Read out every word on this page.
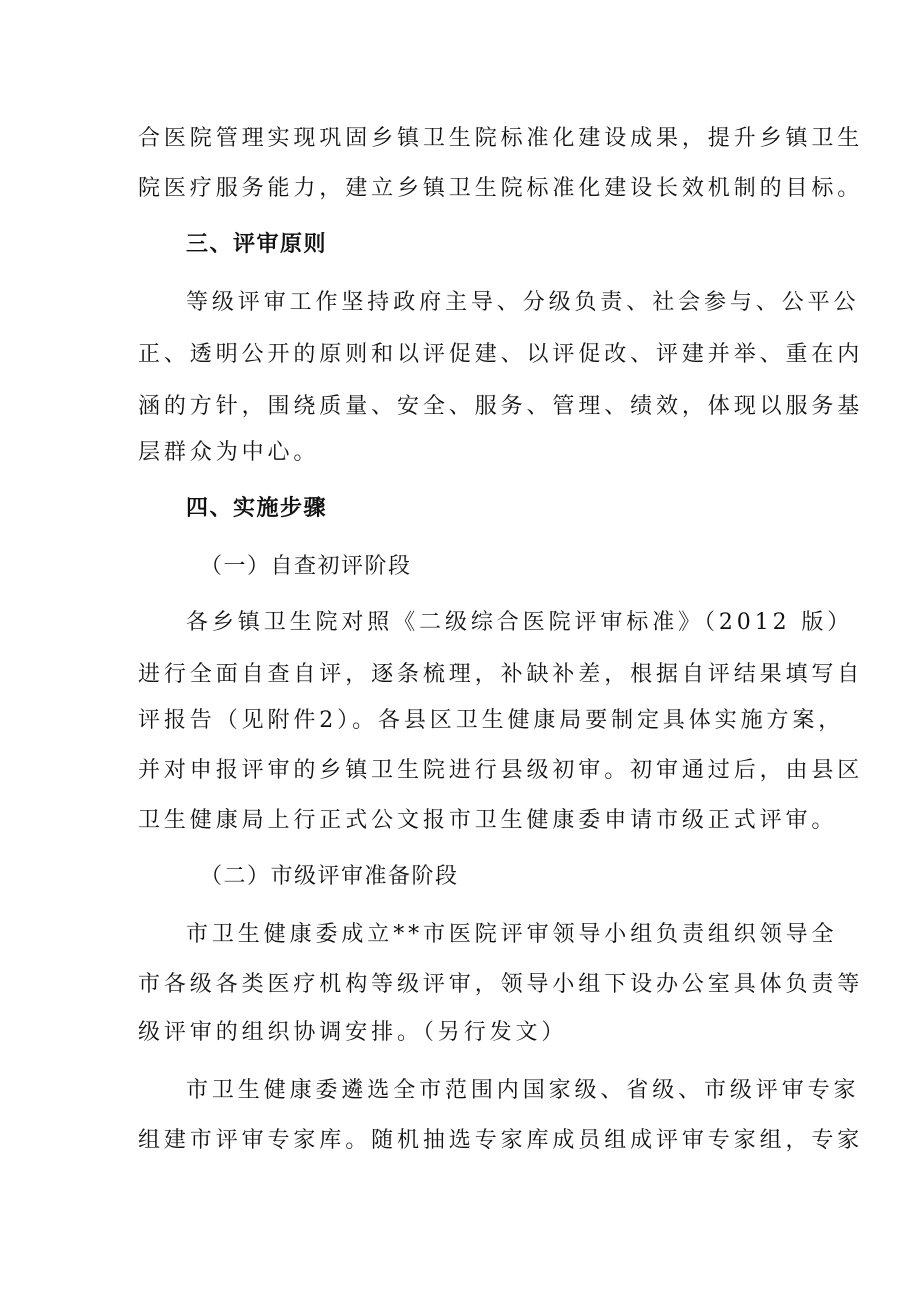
合医院管理实现巩固乡镇卫生院标准化建设成果，提升乡镇卫生
院医疗服务能力，建立乡镇卫生院标准化建设长效机制的目标。
三、评审原则
等级评审工作坚持政府主导、分级负责、社会参与、公平公
正、透明公开的原则和以评促建、以评促改、评建并举、重在内
涵的方针，围绕质量、安全、服务、管理、绩效，体现以服务基
层群众为中心。
四、实施步骤
（一）自查初评阶段
各乡镇卫生院对照《二级综合医院评审标准》（2012 版）
进行全面自查自评，逐条梳理，补缺补差，根据自评结果填写自
评报告（见附件2）。各县区卫生健康局要制定具体实施方案，
并对申报评审的乡镇卫生院进行县级初审。初审通过后，由县区
卫生健康局上行正式公文报市卫生健康委申请市级正式评审。
（二）市级评审准备阶段
市卫生健康委成立**市医院评审领导小组负责组织领导全
市各级各类医疗机构等级评审，领导小组下设办公室具体负责等
级评审的组织协调安排。（另行发文）
市卫生健康委遴选全市范围内国家级、省级、市级评审专家
组建市评审专家库。随机抽选专家库成员组成评审专家组，专家
